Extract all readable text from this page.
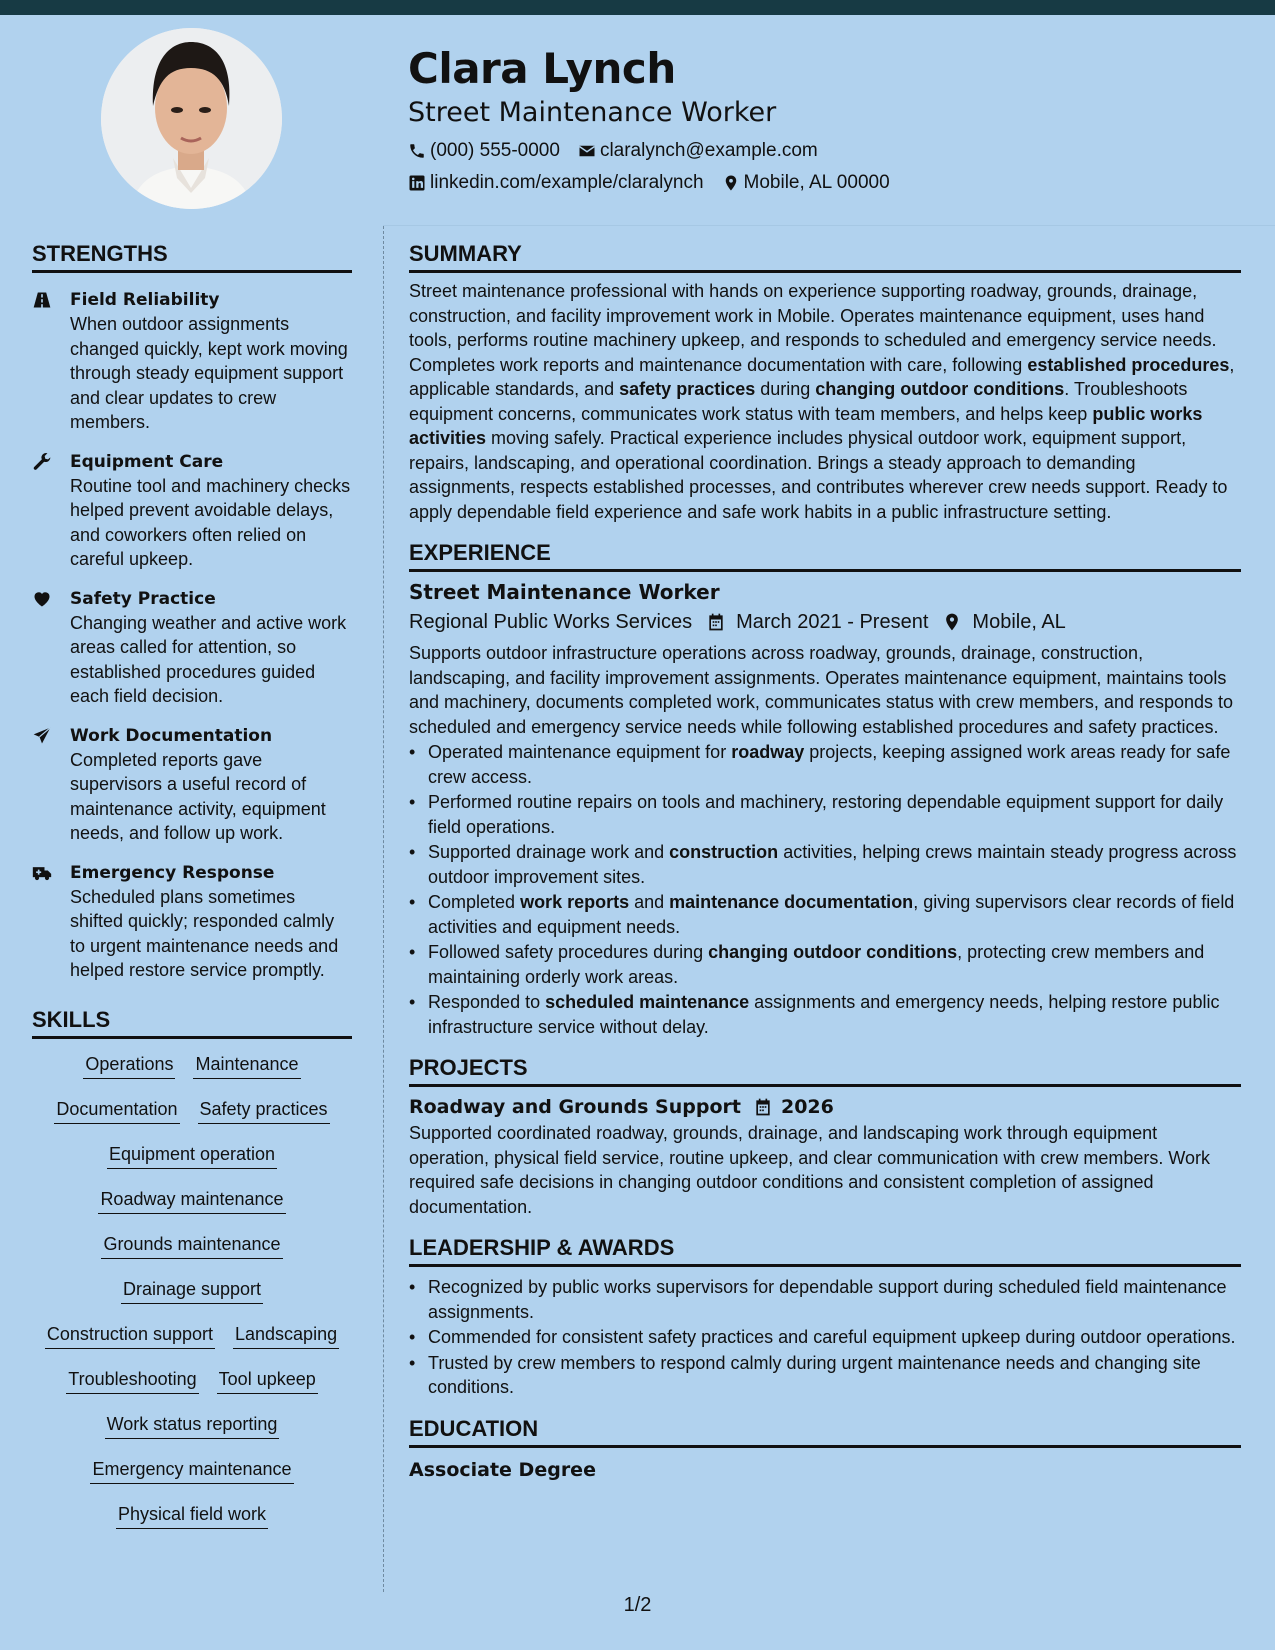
Clara Lynch
Street Maintenance Worker
(000) 555-0000 claralynch@example.com
linkedin.com/example/claralynch Mobile, AL 00000
STRENGTHS
Field Reliability
When outdoor assignments changed quickly, kept work moving through steady equipment support and clear updates to crew members.
Equipment Care
Routine tool and machinery checks helped prevent avoidable delays, and coworkers often relied on careful upkeep.
Safety Practice
Changing weather and active work areas called for attention, so established procedures guided each field decision.
Work Documentation
Completed reports gave supervisors a useful record of maintenance activity, equipment needs, and follow up work.
Emergency Response
Scheduled plans sometimes shifted quickly; responded calmly to urgent maintenance needs and helped restore service promptly.
SKILLS
Operations Maintenance
Documentation Safety practices
Equipment operation
Roadway maintenance
Grounds maintenance
Drainage support
Construction support Landscaping
Troubleshooting Tool upkeep
Work status reporting
Emergency maintenance
Physical field work
SUMMARY

Street maintenance professional with hands on experience supporting roadway, grounds, drainage, construction, and facility improvement work in Mobile. Operates maintenance equipment, uses hand tools, performs routine machinery upkeep, and responds to scheduled and emergency service needs. Completes work reports and maintenance documentation with care, following established procedures, applicable standards, and safety practices during changing outdoor conditions. Troubleshoots equipment concerns, communicates work status with team members, and helps keep public works activities moving safely. Practical experience includes physical outdoor work, equipment support, repairs, landscaping, and operational coordination. Brings a steady approach to demanding assignments, respects established processes, and contributes wherever crew needs support. Ready to apply dependable field experience and safe work habits in a public infrastructure setting.

EXPERIENCE
Street Maintenance Worker
Regional Public Works Services March 2021 - Present Mobile, AL

Supports outdoor infrastructure operations across roadway, grounds, drainage, construction, landscaping, and facility improvement assignments. Operates maintenance equipment, maintains tools and machinery, documents completed work, communicates status with crew members, and responds to scheduled and emergency service needs while following established procedures and safety practices.

• Operated maintenance equipment for roadway projects, keeping assigned work areas ready for safe crew access.
• Performed routine repairs on tools and machinery, restoring dependable equipment support for daily field operations.
• Supported drainage work and construction activities, helping crews maintain steady progress across outdoor improvement sites.
• Completed work reports and maintenance documentation, giving supervisors clear records of field activities and equipment needs.
• Followed safety procedures during changing outdoor conditions, protecting crew members and maintaining orderly work areas.
• Responded to scheduled maintenance assignments and emergency needs, helping restore public infrastructure service without delay.
PROJECTS
Roadway and Grounds Support 2026

Supported coordinated roadway, grounds, drainage, and landscaping work through equipment operation, physical field service, routine upkeep, and clear communication with crew members. Work required safe decisions in changing outdoor conditions and consistent completion of assigned documentation.

LEADERSHIP & AWARDS
• Recognized by public works supervisors for dependable support during scheduled field maintenance assignments.
• Commended for consistent safety practices and careful equipment upkeep during outdoor operations.
• Trusted by crew members to respond calmly during urgent maintenance needs and changing site conditions.
EDUCATION
Associate Degree
1/2
